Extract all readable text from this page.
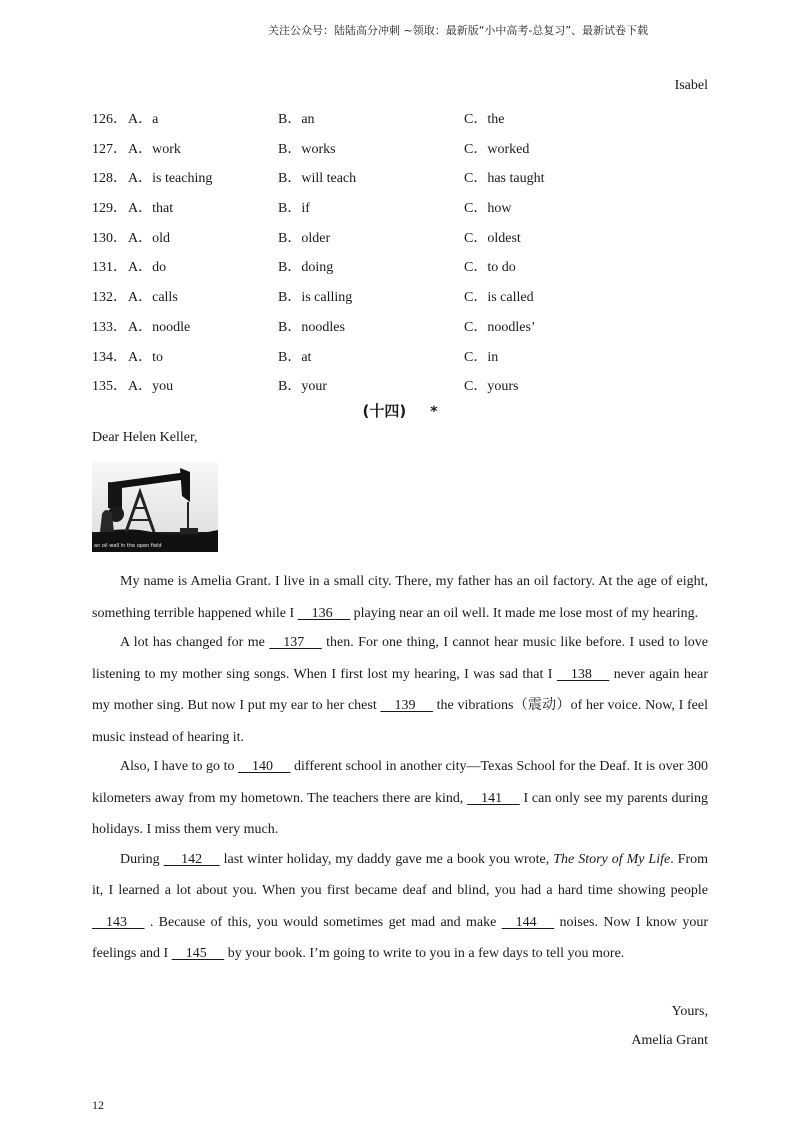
关注公众号：陆陆高分冲刺 ~领取：最新版“小中高考-总复习”、最新试卷下载
Isabel
126． A．a	B．an	C．the
127． A．work	B．works	C．worked
128． A．is teaching	B．will teach	C．has taught
129． A．that	B．if	C．how
130． A．old	B．older	C．oldest
131． A．do	B．doing	C．to do
132． A．calls	B．is calling	C．is called
133． A．noodle	B．noodles	C．noodles’
134． A．to	B．at	C．in
135． A．you	B．your	C．yours
(十四) *
Dear Helen Keller,
an oil well in the open field

My name is Amelia Grant. I live in a small city. There, my father has an oil factory. At the age of eight, something terrible happened while I     136      playing near an oil well. It made me lose most of my hearing.

A lot has changed for me     137      then. For one thing, I cannot hear music like before. I used to love listening to my mother sing songs. When I first lost my hearing, I was sad that I     138      never again hear my mother sing. But now I put my ear to her chest     139      the vibrations（震动）of her voice. Now, I feel music instead of hearing it.

Also, I have to go to     140      different school in another city—Texas School for the Deaf. It is over 300 kilometers away from my hometown. The teachers there are kind,     141      I can only see my parents during holidays. I miss them very much.

During      142      last winter holiday, my daddy gave me a book you wrote, The Story of My Life. From it, I learned a lot about you. When you first became deaf and blind, you had a hard time showing people     143      . Because of this, you would sometimes get mad and make     144      noises. Now I know your feelings and I     145      by your book. I’m going to write to you in a few days to tell you more.

Yours,
Amelia Grant
12
